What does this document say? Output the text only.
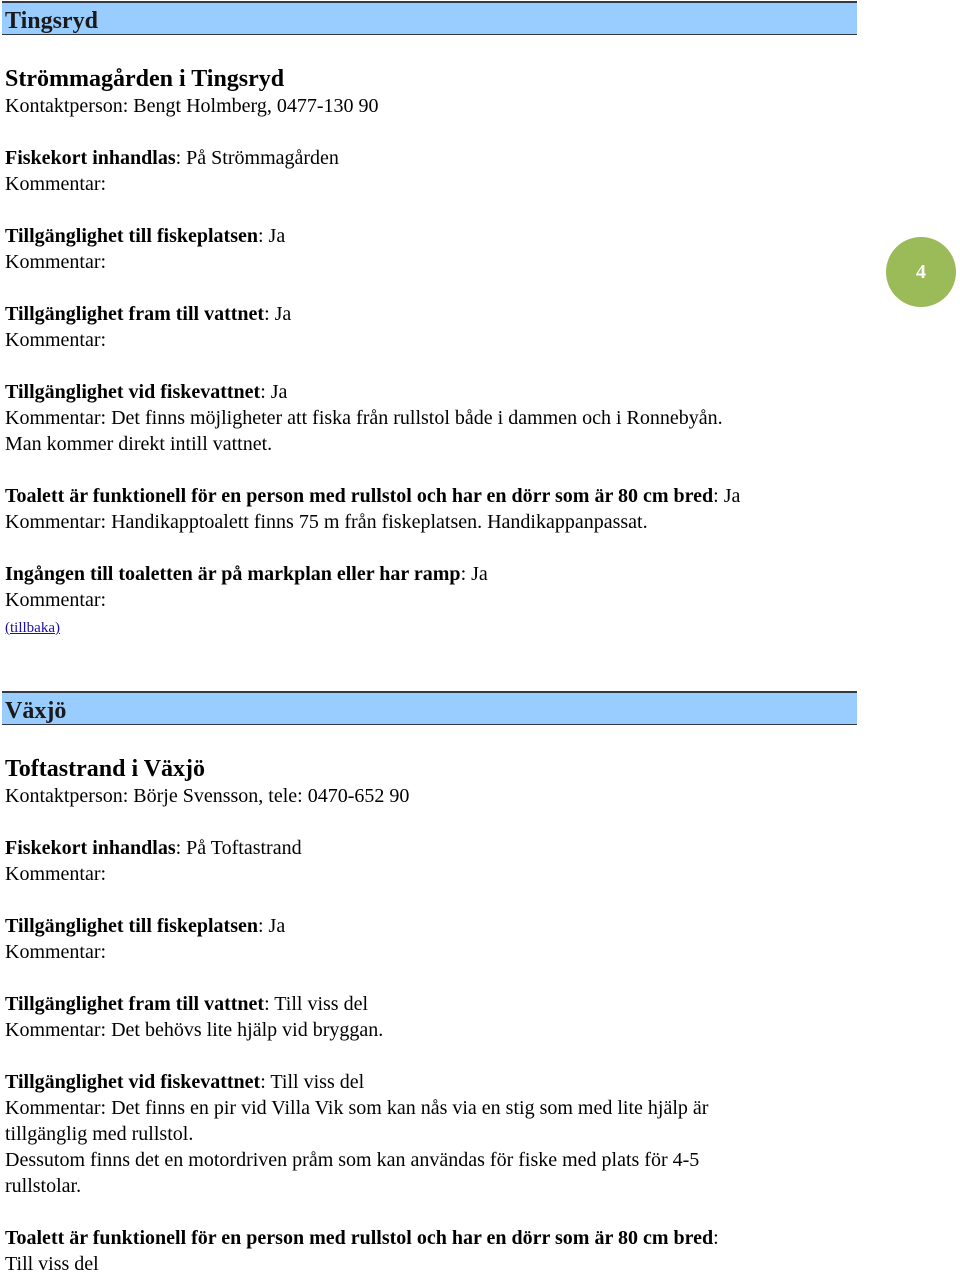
Tingsryd

Strömmagården i Tingsryd

Kontaktperson: Bengt Holmberg, 0477-130 90

Fiskekort inhandlas: På Strömmagården

Kommentar:

Tillgänglighet till fiskeplatsen: Ja

Kommentar:

Tillgänglighet fram till vattnet: Ja

Kommentar:

Tillgänglighet vid fiskevattnet: Ja

Kommentar: Det finns möjligheter att fiska från rullstol både i dammen och i Ronnebyån.

Man kommer direkt intill vattnet.

Toalett är funktionell för en person med rullstol och har en dörr som är 80 cm bred: Ja

Kommentar: Handikapptoalett finns 75 m från fiskeplatsen. Handikappanpassat.

Ingången till toaletten är på markplan eller har ramp: Ja

Kommentar:

(tillbaka)
4
Växjö

Toftastrand i Växjö

Kontaktperson: Börje Svensson, tele: 0470-652 90

Fiskekort inhandlas: På Toftastrand

Kommentar:

Tillgänglighet till fiskeplatsen: Ja

Kommentar:

Tillgänglighet fram till vattnet: Till viss del

Kommentar: Det behövs lite hjälp vid bryggan.

Tillgänglighet vid fiskevattnet: Till viss del

Kommentar: Det finns en pir vid Villa Vik som kan nås via en stig som med lite hjälp är

tillgänglig med rullstol.

Dessutom finns det en motordriven pråm som kan användas för fiske med plats för 4-5

rullstolar.

Toalett är funktionell för en person med rullstol och har en dörr som är 80 cm bred:

Till viss del
